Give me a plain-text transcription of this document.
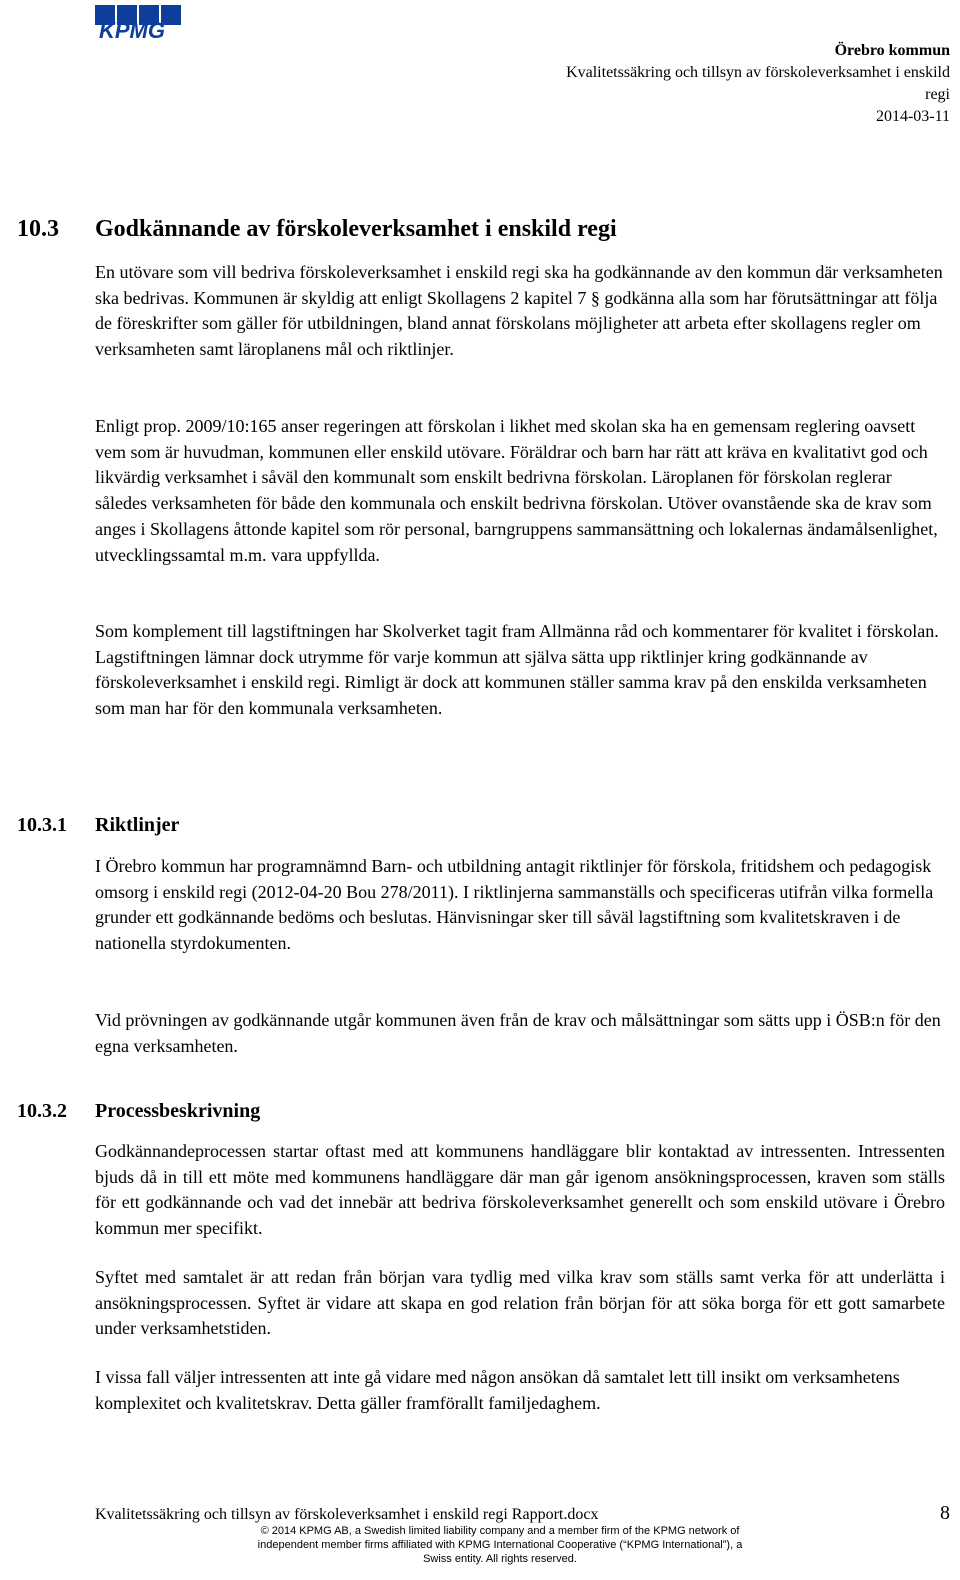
KPMG
Örebro kommun
Kvalitetssäkring och tillsyn av förskoleverksamhet i enskild regi
2014-03-11
10.3 Godkännande av förskoleverksamhet i enskild regi

En utövare som vill bedriva förskoleverksamhet i enskild regi ska ha godkännande av den kommun där verksamheten ska bedrivas. Kommunen är skyldig att enligt Skollagens 2 kapitel 7 § godkänna alla som har förutsättningar att följa de föreskrifter som gäller för utbildningen, bland annat förskolans möjligheter att arbeta efter skollagens regler om verksamheten samt läroplanens mål och riktlinjer.

Enligt prop. 2009/10:165 anser regeringen att förskolan i likhet med skolan ska ha en gemensam reglering oavsett vem som är huvudman, kommunen eller enskild utövare. Föräldrar och barn har rätt att kräva en kvalitativt god och likvärdig verksamhet i såväl den kommunalt som enskilt bedrivna förskolan. Läroplanen för förskolan reglerar således verksamheten för både den kommunala och enskilt bedrivna förskolan. Utöver ovanstående ska de krav som anges i Skollagens åttonde kapitel som rör personal, barngruppens sammansättning och lokalernas ändamålsenlighet, utvecklingssamtal m.m. vara uppfyllda.

Som komplement till lagstiftningen har Skolverket tagit fram Allmänna råd och kommentarer för kvalitet i förskolan. Lagstiftningen lämnar dock utrymme för varje kommun att själva sätta upp riktlinjer kring godkännande av förskoleverksamhet i enskild regi. Rimligt är dock att kommunen ställer samma krav på den enskilda verksamheten som man har för den kommunala verksamheten.

10.3.1 Riktlinjer

I Örebro kommun har programnämnd Barn- och utbildning antagit riktlinjer för förskola, fritidshem och pedagogisk omsorg i enskild regi (2012-04-20 Bou 278/2011). I riktlinjerna sammanställs och specificeras utifrån vilka formella grunder ett godkännande bedöms och beslutas. Hänvisningar sker till såväl lagstiftning som kvalitetskraven i de nationella styrdokumenten.

Vid prövningen av godkännande utgår kommunen även från de krav och målsättningar som sätts upp i ÖSB:n för den egna verksamheten.

10.3.2 Processbeskrivning

Godkännandeprocessen startar oftast med att kommunens handläggare blir kontaktad av intressenten. Intressenten bjuds då in till ett möte med kommunens handläggare där man går igenom ansökningsprocessen, kraven som ställs för ett godkännande och vad det innebär att bedriva förskoleverksamhet generellt och som enskild utövare i Örebro kommun mer specifikt.

Syftet med samtalet är att redan från början vara tydlig med vilka krav som ställs samt verka för att underlätta i ansökningsprocessen. Syftet är vidare att skapa en god relation från början för att söka borga för ett gott samarbete under verksamhetstiden.

I vissa fall väljer intressenten att inte gå vidare med någon ansökan då samtalet lett till insikt om verksamhetens komplexitet och kvalitetskrav. Detta gäller framförallt familjedaghem.

Kvalitetssäkring och tillsyn av förskoleverksamhet i enskild regi Rapport.docx	8
© 2014 KPMG AB, a Swedish limited liability company and a member firm of the KPMG network of independent member firms affiliated with KPMG International Cooperative (“KPMG International”), a Swiss entity. All rights reserved.
